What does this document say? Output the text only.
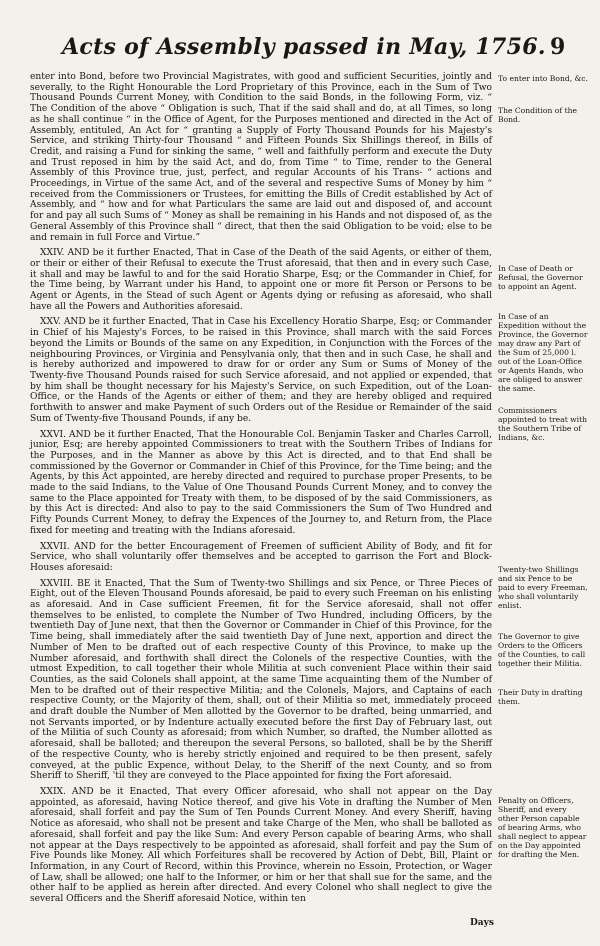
Acts of Assembly passed in May, 1756. 9

enter into Bond, before two Provincial Magistrates, with good and sufficient Securities, jointly and severally, to the Right Honourable the Lord Proprietary of this Province, each in the Sum of Two Thousand Pounds Current Money, with Condition to the said Bonds, in the following Form, viz. “ The Condition of the above “ Obligation is such, That if the said shall and do, at all Times, so long as he shall continue “ in the Office of Agent, for the Purposes mentioned and directed in the Act of Assembly, entituled, An Act for “ granting a Supply of Forty Thousand Pounds for his Majesty's Service, and striking Thirty-four Thousand “ and Fifteen Pounds Six Shillings thereof, in Bills of Credit, and raising a Fund for sinking the same, “ well and faithfully perform and execute the Duty and Trust reposed in him by the said Act, and do, from Time “ to Time, render to the General Assembly of this Province true, just, perfect, and regular Accounts of his Trans- “ actions and Proceedings, in Virtue of the same Act, and of the several and respective Sums of Money by him “ received from the Commissioners or Trustees, for emitting the Bills of Credit established by Act of Assembly, and “ how and for what Particulars the same are laid out and disposed of, and account for and pay all such Sums of “ Money as shall be remaining in his Hands and not disposed of, as the General Assembly of this Province shall “ direct, that then the said Obligation to be void; else to be and remain in full Force and Virtue.”

XXIV. AND be it further Enacted, That in Case of the Death of the said Agents, or either of them, or their or either of their Refusal to execute the Trust aforesaid, that then and in every such Case, it shall and may be lawful to and for the said Horatio Sharpe, Esq; or the Commander in Chief, for the Time being, by Warrant under his Hand, to appoint one or more fit Person or Persons to be Agent or Agents, in the Stead of such Agent or Agents dying or refusing as aforesaid, who shall have all the Powers and Authorities aforesaid.

XXV. AND be it further Enacted, That in Case his Excellency Horatio Sharpe, Esq; or Commander in Chief of his Majesty's Forces, to be raised in this Province, shall march with the said Forces beyond the Limits or Bounds of the same on any Expedition, in Conjunction with the Forces of the neighbouring Provinces, or Virginia and Pensylvania only, that then and in such Case, he shall and is hereby authorized and impowered to draw for or order any Sum or Sums of Money of the Twenty-five Thousand Pounds raised for such Service aforesaid, and not applied or expended, that by him shall be thought necessary for his Majesty's Service, on such Expedition, out of the Loan-Office, or the Hands of the Agents or either of them; and they are hereby obliged and required forthwith to answer and make Payment of such Orders out of the Residue or Remainder of the said Sum of Twenty-five Thousand Pounds, if any be.

XXVI. AND be it further Enacted, That the Honourable Col. Benjamin Tasker and Charles Carroll, junior, Esq; are hereby appointed Commissioners to treat with the Southern Tribes of Indians for the Purposes, and in the Manner as above by this Act is directed, and to that End shall be commissioned by the Governor or Commander in Chief of this Province, for the Time being; and the Agents, by this Act appointed, are hereby directed and required to purchase proper Presents, to be made to the said Indians, to the Value of One Thousand Pounds Current Money, and to convey the same to the Place appointed for Treaty with them, to be disposed of by the said Commissioners, as by this Act is directed: And also to pay to the said Commissioners the Sum of Two Hundred and Fifty Pounds Current Money, to defray the Expences of the Journey to, and Return from, the Place fixed for meeting and treating with the Indians aforesaid.

XXVII. AND for the better Encouragement of Freemen of sufficient Ability of Body, and fit for Service, who shall voluntarily offer themselves and be accepted to garrison the Fort and Block-Houses aforesaid:

XXVIII. BE it Enacted, That the Sum of Twenty-two Shillings and six Pence, or Three Pieces of Eight, out of the Eleven Thousand Pounds aforesaid, be paid to every such Freeman on his enlisting as aforesaid. And in Case sufficient Freemen, fit for the Service aforesaid, shall not offer themselves to be enlisted, to complete the Number of Two Hundred, including Officers, by the twentieth Day of June next, that then the Governor or Commander in Chief of this Province, for the Time being, shall immediately after the said twentieth Day of June next, apportion and direct the Number of Men to be drafted out of each respective County of this Province, to make up the Number aforesaid, and forthwith shall direct the Colonels of the respective Counties, with the utmost Expedition, to call together their whole Militia at such convenient Place within their said Counties, as the said Colonels shall appoint, at the same Time acquainting them of the Number of Men to be drafted out of their respective Militia; and the Colonels, Majors, and Captains of each respective County, or the Majority of them, shall, out of their Militia so met, immediately proceed and draft double the Number of Men allotted by the Governor to be drafted, being unmarried, and not Servants imported, or by Indenture actually executed before the first Day of February last, out of the Militia of such County as aforesaid; from which Number, so drafted, the Number allotted as aforesaid, shall be balloted; and thereupon the several Persons, so balloted, shall be by the Sheriff of the respective County, who is hereby strictly enjoined and required to be then present, safely conveyed, at the public Expence, without Delay, to the Sheriff of the next County, and so from Sheriff to Sheriff, 'til they are conveyed to the Place appointed for fixing the Fort aforesaid.

XXIX. AND be it Enacted, That every Officer aforesaid, who shall not appear on the Day appointed, as aforesaid, having Notice thereof, and give his Vote in drafting the Number of Men aforesaid, shall forfeit and pay the Sum of Ten Pounds Current Money. And every Sheriff, having Notice as aforesaid, who shall not be present and take Charge of the Men, who shall be balloted as aforesaid, shall forfeit and pay the like Sum: And every Person capable of bearing Arms, who shall not appear at the Days respectively to be appointed as aforesaid, shall forfeit and pay the Sum of Five Pounds like Money. All which Forfeitures shall be recovered by Action of Debt, Bill, Plaint or Information, in any Court of Record, within this Province, wherein no Essoin, Protection, or Wager of Law, shall be allowed; one half to the Informer, or him or her that shall sue for the same, and the other half to be applied as herein after directed. And every Colonel who shall neglect to give the several Officers and the Sheriff aforesaid Notice, within ten

To enter into Bond, &c.
The Condition of the Bond.
In Case of Death or Refusal, the Governor to appoint an Agent.
In Case of an Expedition without the Province, the Governor may draw any Part of the Sum of 25,000 l. out of the Loan-Office or Agents Hands, who are obliged to answer the same.
Commissioners appointed to treat with the Southern Tribe of Indians, &c.
Twenty-two Shillings and six Pence to be paid to every Freeman, who shall voluntarily enlist.
The Governor to give Orders to the Officers of the Counties, to call together their Militia.
Their Duty in drafting them.
Penalty on Officers, Sheriff, and every other Person capable of bearing Arms, who shall neglect to appear on the Day appointed for drafting the Men.
Days
